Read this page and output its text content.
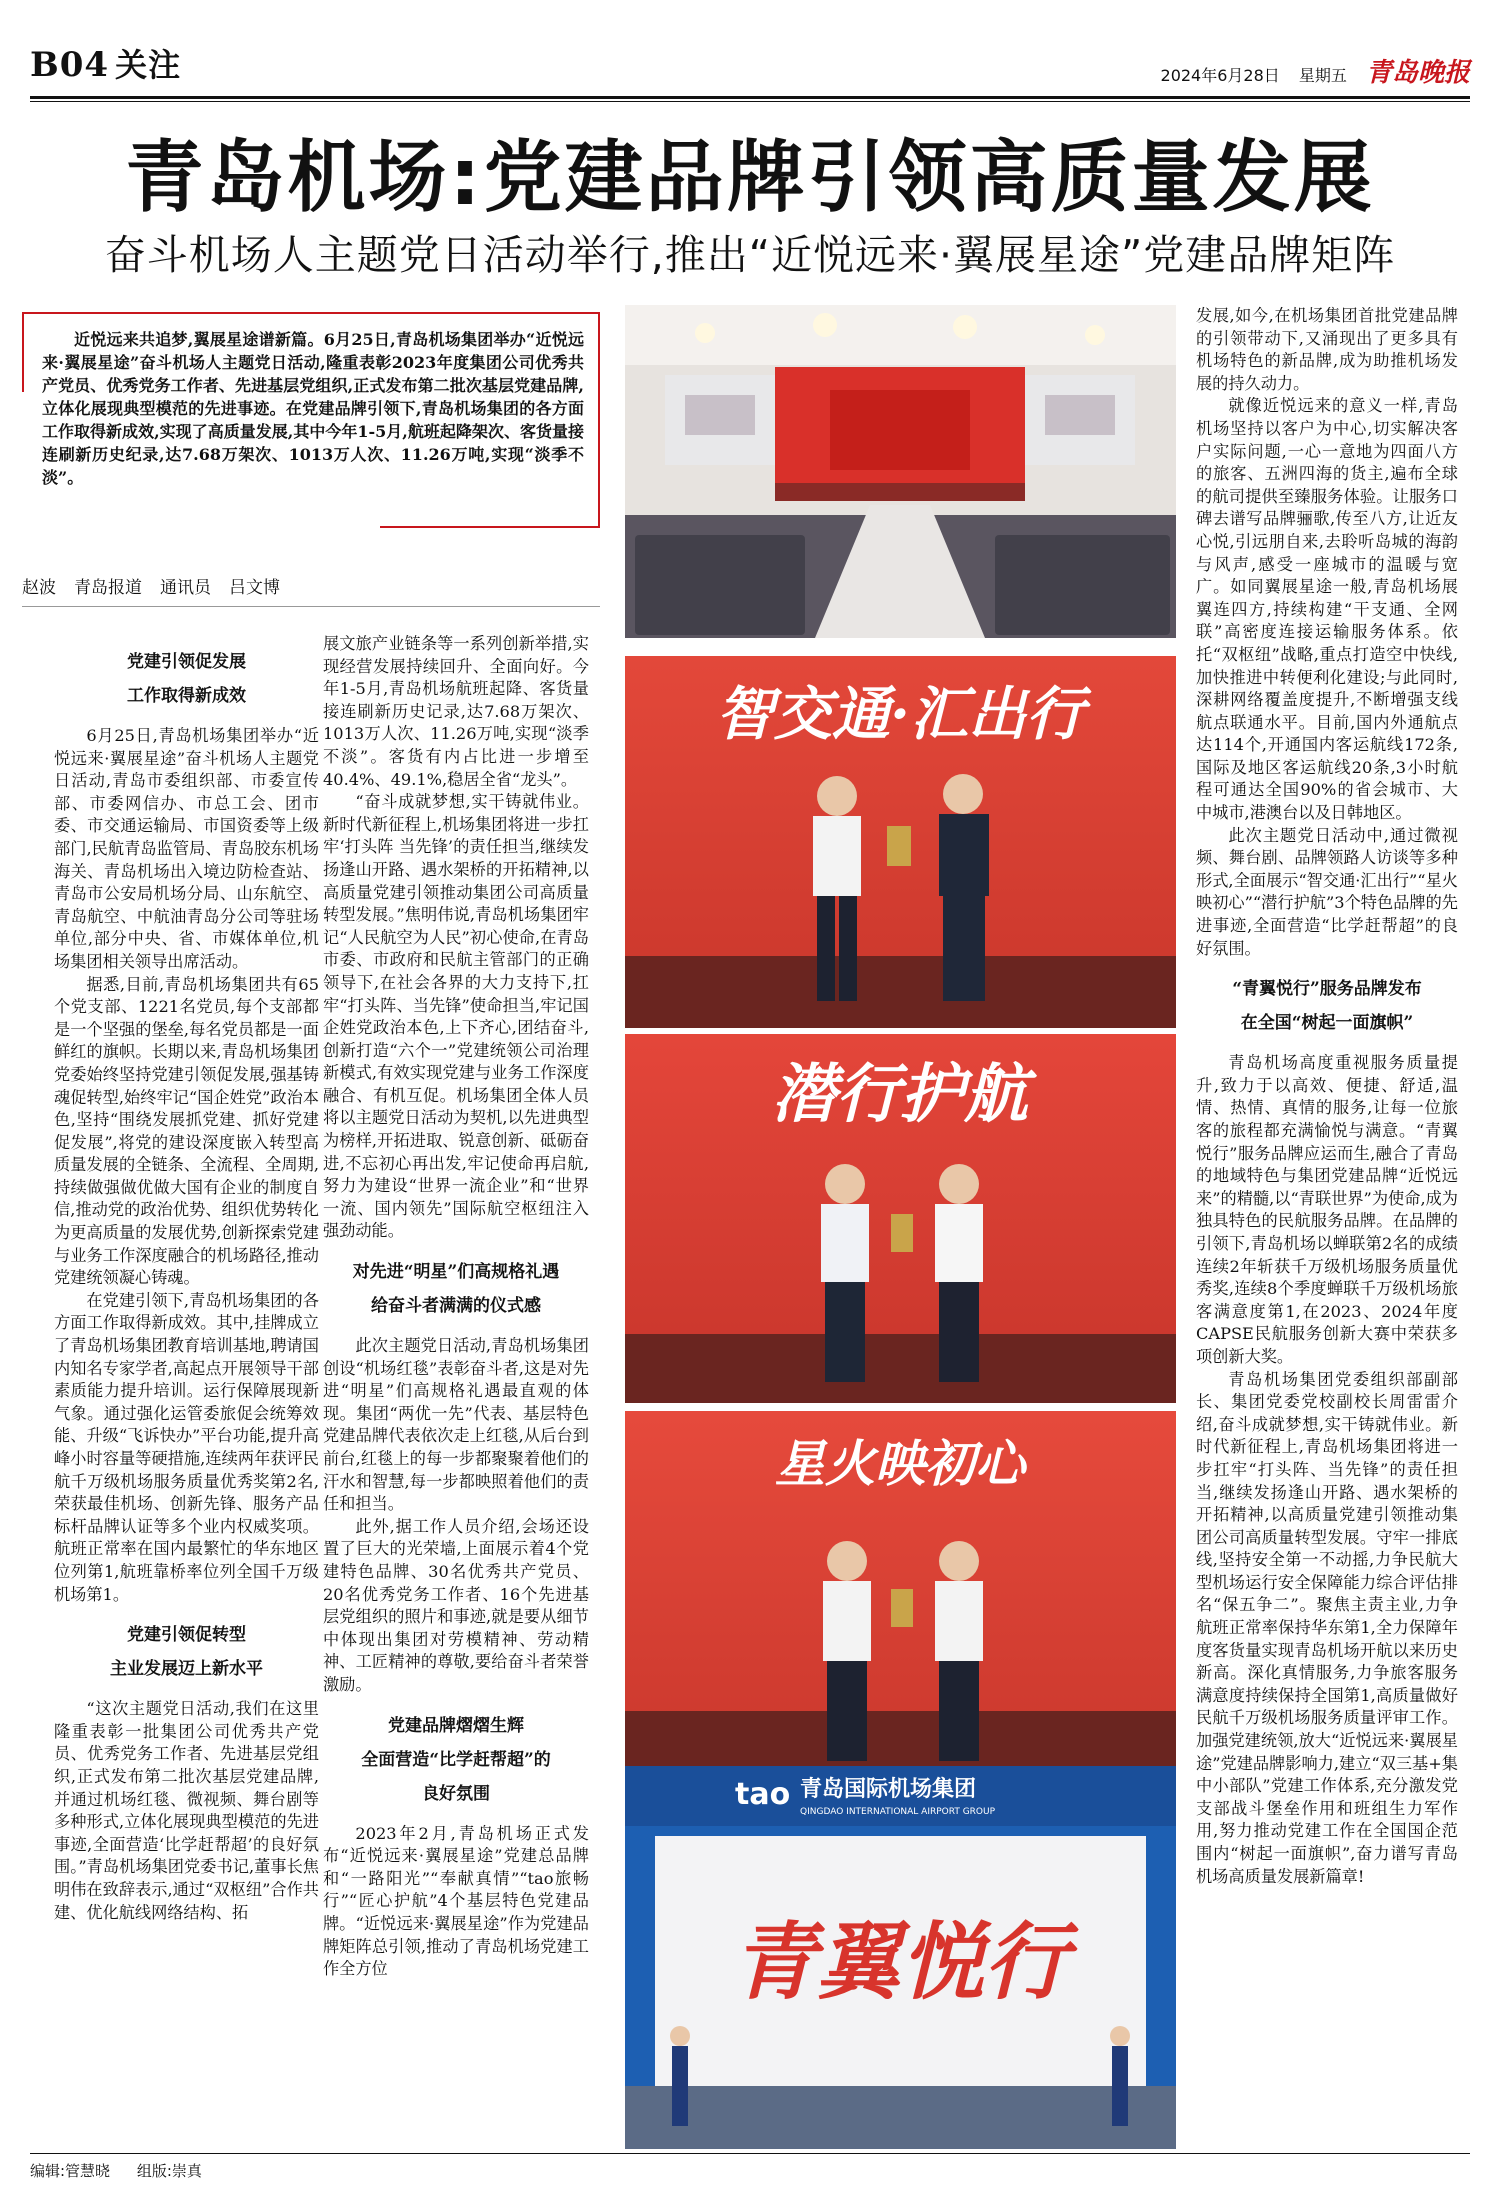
B04 关注	2024年6月28日 星期五 青岛晚报
青岛机场:党建品牌引领高质量发展
奋斗机场人主题党日活动举行,推出“近悦远来·翼展星途”党建品牌矩阵
近悦远来共追梦,翼展星途谱新篇。6月25日,青岛机场集团举办“近悦远来·翼展星途”奋斗机场人主题党日活动,隆重表彰2023年度集团公司优秀共产党员、优秀党务工作者、先进基层党组织,正式发布第二批次基层党建品牌,立体化展现典型模范的先进事迹。在党建品牌引领下,青岛机场集团的各方面工作取得新成效,实现了高质量发展,其中今年1-5月,航班起降架次、客货量接连刷新历史纪录,达7.68万架次、1013万人次、11.26万吨,实现“淡季不淡”。
赵波 青岛报道 通讯员 吕文博
党建引领促发展
工作取得新成效

6月25日,青岛机场集团举办“近悦远来·翼展星途”奋斗机场人主题党日活动,青岛市委组织部、市委宣传部、市委网信办、市总工会、团市委、市交通运输局、市国资委等上级部门,民航青岛监管局、青岛胶东机场海关、青岛机场出入境边防检查站、青岛市公安局机场分局、山东航空、青岛航空、中航油青岛分公司等驻场单位,部分中央、省、市媒体单位,机场集团相关领导出席活动。

据悉,目前,青岛机场集团共有65个党支部、1221名党员,每个支部都是一个坚强的堡垒,每名党员都是一面鲜红的旗帜。长期以来,青岛机场集团党委始终坚持党建引领促发展,强基铸魂促转型,始终牢记“国企姓党”政治本色,坚持“围绕发展抓党建、抓好党建促发展”,将党的建设深度嵌入转型高质量发展的全链条、全流程、全周期,持续做强做优做大国有企业的制度自信,推动党的政治优势、组织优势转化为更高质量的发展优势,创新探索党建与业务工作深度融合的机场路径,推动党建统领凝心铸魂。

在党建引领下,青岛机场集团的各方面工作取得新成效。其中,挂牌成立了青岛机场集团教育培训基地,聘请国内知名专家学者,高起点开展领导干部素质能力提升培训。运行保障展现新气象。通过强化运管委旅促会统筹效能、升级“飞诉快办”平台功能,提升高峰小时容量等硬措施,连续两年获评民航千万级机场服务质量优秀奖第2名,荣获最佳机场、创新先锋、服务产品标杆品牌认证等多个业内权威奖项。航班正常率在国内最繁忙的华东地区位列第1,航班靠桥率位列全国千万级机场第1。

党建引领促转型
主业发展迈上新水平

“这次主题党日活动,我们在这里隆重表彰一批集团公司优秀共产党员、优秀党务工作者、先进基层党组织,正式发布第二批次基层党建品牌,并通过机场红毯、微视频、舞台剧等多种形式,立体化展现典型模范的先进事迹,全面营造‘比学赶帮超’的良好氛围。”青岛机场集团党委书记,董事长焦明伟在致辞表示,通过“双枢纽”合作共建、优化航线网络结构、拓

展文旅产业链条等一系列创新举措,实现经营发展持续回升、全面向好。今年1-5月,青岛机场航班起降、客货量接连刷新历史记录,达7.68万架次、1013万人次、11.26万吨,实现“淡季不淡”。客货有内占比进一步增至40.4%、49.1%,稳居全省“龙头”。

“奋斗成就梦想,实干铸就伟业。新时代新征程上,机场集团将进一步扛牢‘打头阵 当先锋’的责任担当,继续发扬逢山开路、遇水架桥的开拓精神,以高质量党建引领推动集团公司高质量转型发展。”焦明伟说,青岛机场集团牢记“人民航空为人民”初心使命,在青岛市委、市政府和民航主管部门的正确领导下,在社会各界的大力支持下,扛牢“打头阵、当先锋”使命担当,牢记国企姓党政治本色,上下齐心,团结奋斗,创新打造“六个一”党建统领公司治理新模式,有效实现党建与业务工作深度融合、有机互促。机场集团全体人员将以主题党日活动为契机,以先进典型为榜样,开拓进取、锐意创新、砥砺奋进,不忘初心再出发,牢记使命再启航,努力为建设“世界一流企业”和“世界一流、国内领先”国际航空枢纽注入强劲动能。

对先进“明星”们高规格礼遇
给奋斗者满满的仪式感

此次主题党日活动,青岛机场集团创设“机场红毯”表彰奋斗者,这是对先进“明星”们高规格礼遇最直观的体现。集团“两优一先”代表、基层特色党建品牌代表依次走上红毯,从后台到前台,红毯上的每一步都聚聚着他们的汗水和智慧,每一步都映照着他们的责任和担当。

此外,据工作人员介绍,会场还设置了巨大的光荣墙,上面展示着4个党建特色品牌、30名优秀共产党员、20名优秀党务工作者、16个先进基层党组织的照片和事迹,就是要从细节中体现出集团对劳模精神、劳动精神、工匠精神的尊敬,要给奋斗者荣誉激励。

党建品牌熠熠生辉
全面营造“比学赶帮超”的
良好氛围

2023年2月,青岛机场正式发布“近悦远来·翼展星途”党建总品牌和“一路阳光”“奉献真情”“tao旅畅行”“匠心护航”4个基层特色党建品牌。“近悦远来·翼展星途”作为党建品牌矩阵总引领,推动了青岛机场党建工作全方位

发展,如今,在机场集团首批党建品牌的引领带动下,又涌现出了更多具有机场特色的新品牌,成为助推机场发展的持久动力。

就像近悦远来的意义一样,青岛机场坚持以客户为中心,切实解决客户实际问题,一心一意地为四面八方的旅客、五洲四海的货主,遍布全球的航司提供至臻服务体验。让服务口碑去谱写品牌骊歌,传至八方,让近友心悦,引远朋自来,去聆听岛城的海韵与风声,感受一座城市的温暖与宽广。如同翼展星途一般,青岛机场展翼连四方,持续构建“干支通、全网联”高密度连接运输服务体系。依托“双枢纽”战略,重点打造空中快线,加快推进中转便利化建设;与此同时,深耕网络覆盖度提升,不断增强支线航点联通水平。目前,国内外通航点达114个,开通国内客运航线172条,国际及地区客运航线20条,3小时航程可通达全国90%的省会城市、大中城市,港澳台以及日韩地区。

此次主题党日活动中,通过微视频、舞台剧、品牌领路人访谈等多种形式,全面展示“智交通·汇出行”“星火映初心”“潜行护航”3个特色品牌的先进事迹,全面营造“比学赶帮超”的良好氛围。

“青翼悦行”服务品牌发布
在全国“树起一面旗帜”

青岛机场高度重视服务质量提升,致力于以高效、便捷、舒适,温情、热情、真情的服务,让每一位旅客的旅程都充满愉悦与满意。“青翼悦行”服务品牌应运而生,融合了青岛的地域特色与集团党建品牌“近悦远来”的精髓,以“青联世界”为使命,成为独具特色的民航服务品牌。在品牌的引领下,青岛机场以蝉联第2名的成绩连续2年斩获千万级机场服务质量优秀奖,连续8个季度蝉联千万级机场旅客满意度第1,在2023、2024年度CAPSE民航服务创新大赛中荣获多项创新大奖。

青岛机场集团党委组织部副部长、集团党委党校副校长周雷雷介绍,奋斗成就梦想,实干铸就伟业。新时代新征程上,青岛机场集团将进一步扛牢“打头阵、当先锋”的责任担当,继续发扬逢山开路、遇水架桥的开拓精神,以高质量党建引领推动集团公司高质量转型发展。守牢一排底线,坚持安全第一不动摇,力争民航大型机场运行安全保障能力综合评估排名“保五争二”。聚焦主责主业,力争航班正常率保持华东第1,全力保障年度客货量实现青岛机场开航以来历史新高。深化真情服务,力争旅客服务满意度持续保持全国第1,高质量做好民航千万级机场服务质量评审工作。加强党建统领,放大“近悦远来·翼展星途”党建品牌影响力,建立“双三基+集中小部队”党建工作体系,充分激发党支部战斗堡垒作用和班组生力军作用,努力推动党建工作在全国国企范围内“树起一面旗帜”,奋力谱写青岛机场高质量发展新篇章!

智交通·汇出行
潜行护航
星火映初心
tao 青岛国际机场集团
QINGDAO INTERNATIONAL AIRPORT GROUP
青翼悦行
编辑:管慧晓 组版:崇真
